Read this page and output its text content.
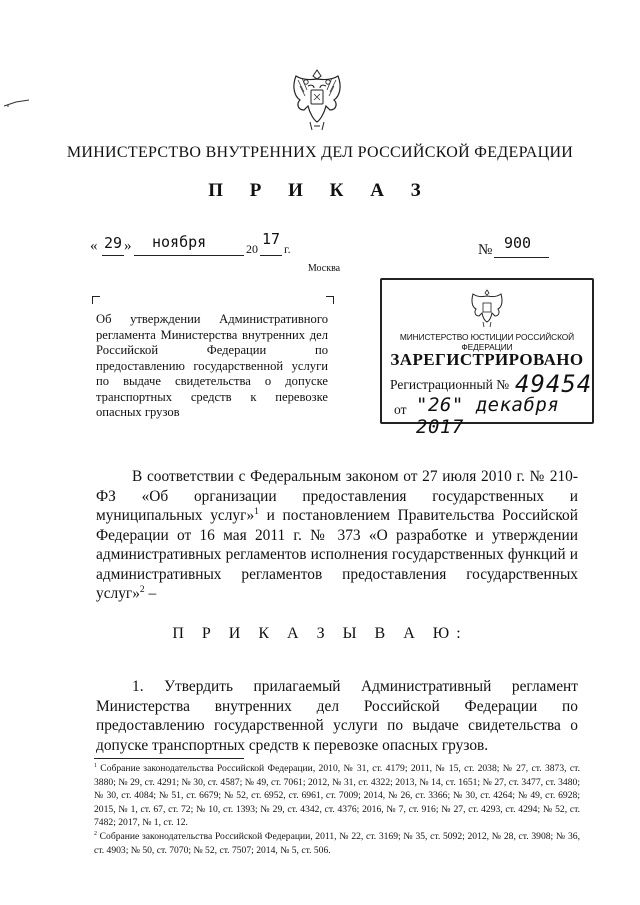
МИНИСТЕРСТВО ВНУТРЕННИХ ДЕЛ РОССИЙСКОЙ ФЕДЕРАЦИИ
П Р И К А З
« 29 » ноября	20
17
г.	№ 900
Москва
Об утверждении Административного регламента Министерства внутренних дел Российской Федерации по предоставлению государственной услуги по выдаче свидетельства о допуске транспортных средств к перевозке опасных грузов
МИНИСТЕРСТВО ЮСТИЦИИ РОССИЙСКОЙ ФЕДЕРАЦИИ
ЗАРЕГИСТРИРОВАНО
Регистрационный № 49454
от "26" декабря 2017
В соответствии с Федеральным законом от 27 июля 2010 г. № 210-ФЗ «Об организации предоставления государственных и муниципальных услуг»$^1$ и постановлением Правительства Российской Федерации от 16 мая 2011 г. № 373 «О разработке и утверждении административных регламентов исполнения государственных функций и административных регламентов предоставления государственных услуг»$^2$ –
П Р И К А З Ы В А Ю:
1. Утвердить прилагаемый Административный регламент Министерства внутренних дел Российской Федерации по предоставлению государственной услуги по выдаче свидетельства о допуске транспортных средств к перевозке опасных грузов.
$^1$ Собрание законодательства Российской Федерации, 2010, № 31, ст. 4179; 2011, № 15, ст. 2038; № 27, ст. 3873, ст. 3880; № 29, ст. 4291; № 30, ст. 4587; № 49, ст. 7061; 2012, № 31, ст. 4322; 2013, № 14, ст. 1651; № 27, ст. 3477, ст. 3480; № 30, ст. 4084; № 51, ст. 6679; № 52, ст. 6952, ст. 6961, ст. 7009; 2014, № 26, ст. 3366; № 30, ст. 4264; № 49, ст. 6928; 2015, № 1, ст. 67, ст. 72; № 10, ст. 1393; № 29, ст. 4342, ст. 4376; 2016, № 7, ст. 916; № 27, ст. 4293, ст. 4294; № 52, ст. 7482; 2017, № 1, ст. 12.
$^2$ Собрание законодательства Российской Федерации, 2011, № 22, ст. 3169; № 35, ст. 5092; 2012, № 28, ст. 3908; № 36, ст. 4903; № 50, ст. 7070; № 52, ст. 7507; 2014, № 5, ст. 506.
